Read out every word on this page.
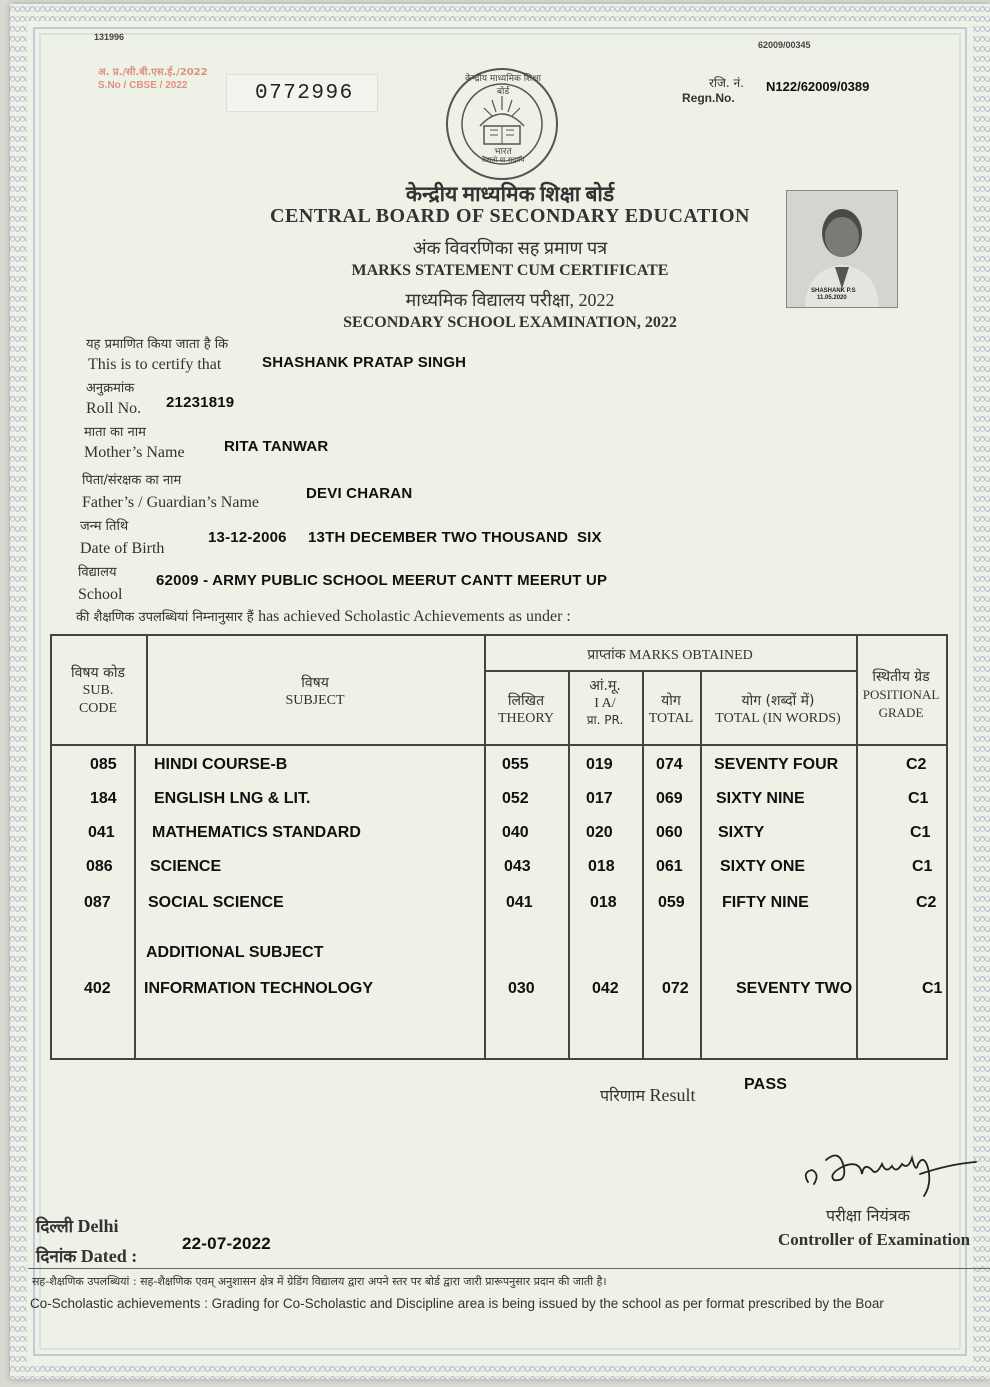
131996
62009/00345
अ. प्र./सी.बी.एस.ई./2022
S.No / CBSE / 2022	0772996
केन्द्रीय माध्यमिक शिक्षा बोर्ड
भारत
असतो मा सद्गमय
रजि. नं.
Regn.No.
N122/62009/0389
केन्द्रीय माध्यमिक शिक्षा बोर्ड
CENTRAL BOARD OF SECONDARY EDUCATION
अंक विवरणिका सह प्रमाण पत्र
MARKS STATEMENT CUM CERTIFICATE
माध्यमिक विद्यालय परीक्षा, 2022
SECONDARY SCHOOL EXAMINATION, 2022
SHASHANK P.S
11.05.2020
यह प्रमाणित किया जाता है कि
This is to certify that	SHASHANK PRATAP SINGH
अनुक्रमांक
Roll No. 21231819
माता का नाम
Mother’s Name	RITA TANWAR
पिता/संरक्षक का नाम
Father’s / Guardian’s Name
DEVI CHARAN
जन्म तिथि
Date of Birth
13-12-2006 13TH DECEMBER TWO THOUSAND  SIX
विद्यालय
School
62009 - ARMY PUBLIC SCHOOL MEERUT CANTT MEERUT UP
की शैक्षणिक उपलब्धियां निम्नानुसार हैं has achieved Scholastic Achievements as under :
विषय कोड
SUB.
CODE
विषय
SUBJECT
प्राप्तांक MARKS OBTAINED
लिखित
THEORY
आं.मू.
I A/
प्रा. PR.
योग
TOTAL
योग (शब्दों में)
TOTAL (IN WORDS)
स्थितीय ग्रेड
POSITIONAL
GRADE
085 HINDI COURSE-B	055	019	074 SEVENTY FOUR	C2
184 ENGLISH LNG & LIT.	052	017	069 SIXTY NINE	C1
041 MATHEMATICS STANDARD	040	020	060 SIXTY	C1
086 SCIENCE	043	018	061 SIXTY ONE	C1
087 SOCIAL SCIENCE	041	018	059 FIFTY NINE	C2
ADDITIONAL SUBJECT
402 INFORMATION TECHNOLOGY	030	042	072	SEVENTY TWO	C1
परिणाम Result
PASS
परीक्षा नियंत्रक
Controller of Examination
दिल्ली Delhi
दिनांक Dated :
22-07-2022
सह-शैक्षणिक उपलब्धियां : सह-शैक्षणिक एवम् अनुशासन क्षेत्र में ग्रेडिंग विद्यालय द्वारा अपने स्तर पर बोर्ड द्वारा जारी प्रारूपनुसार प्रदान की जाती है।
Co-Scholastic achievements : Grading for Co-Scholastic and Discipline area is being issued by the school as per format prescribed by the Boar
